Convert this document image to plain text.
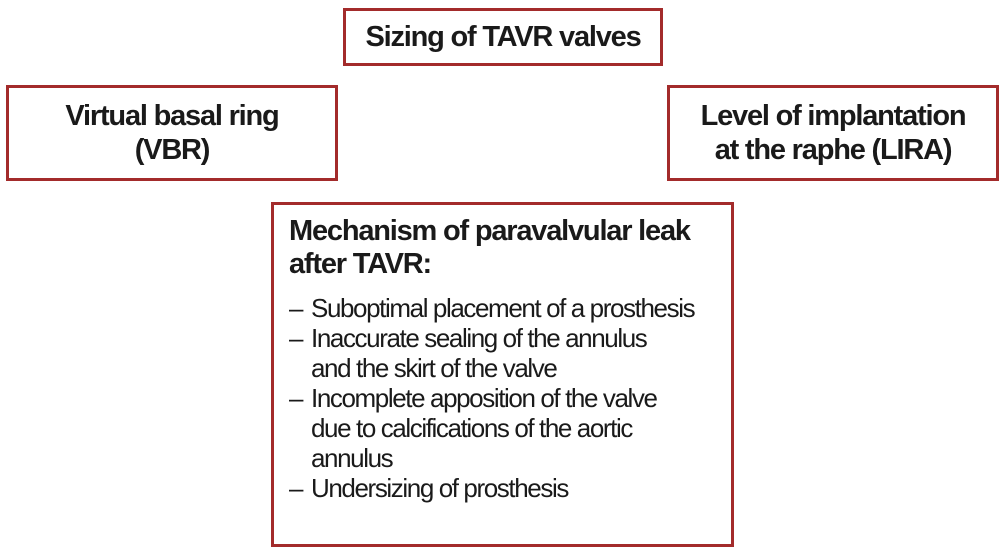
Sizing of TAVR valves
Virtual basal ring
(VBR)
Level of implantation
at the raphe (LIRA)
Mechanism of paravalvular leak
after TAVR:
– Suboptimal placement of a prosthesis
– Inaccurate sealing of the annulus
and the skirt of the valve
– Incomplete apposition of the valve
due to calcifications of the aortic
annulus
– Undersizing of prosthesis
